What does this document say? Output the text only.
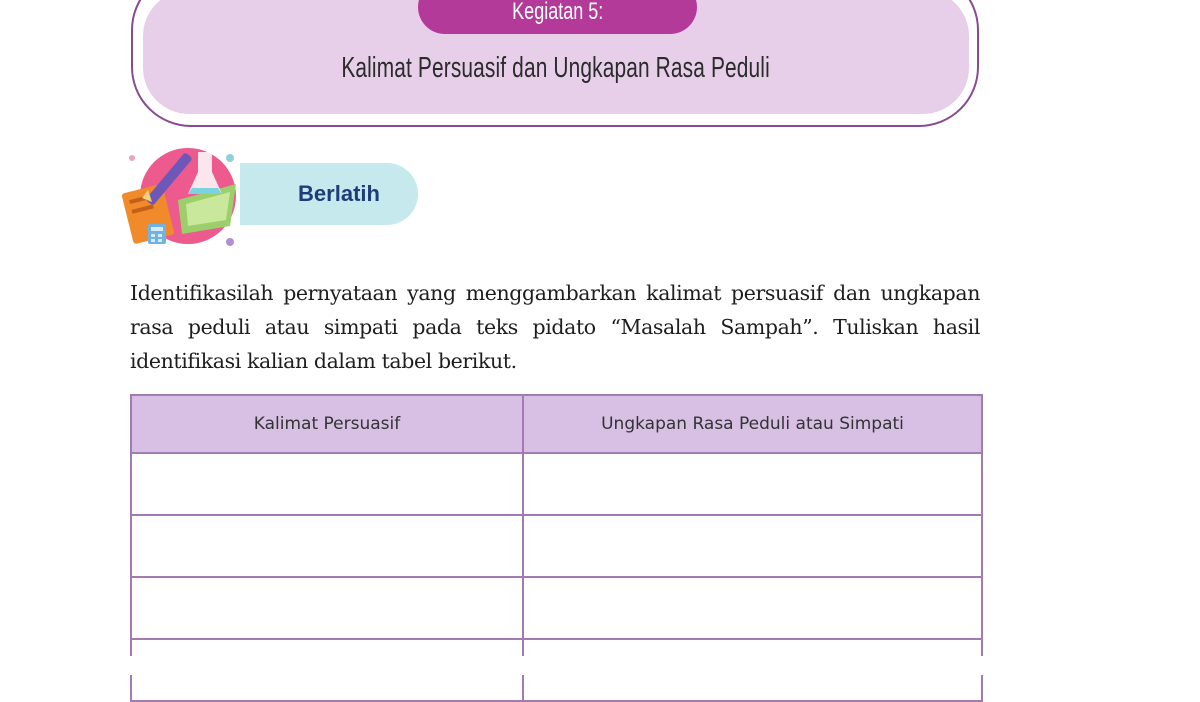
Kegiatan 5:
Kalimat Persuasif dan Ungkapan Rasa Peduli
Berlatih
Identifikasilah pernyataan yang menggambarkan kalimat persuasif dan ungkapan rasa peduli atau simpati pada teks pidato “Masalah Sampah”. Tuliskan hasil identifikasi kalian dalam tabel berikut.
Kalimat Persuasif	Ungkapan Rasa Peduli atau Simpati
